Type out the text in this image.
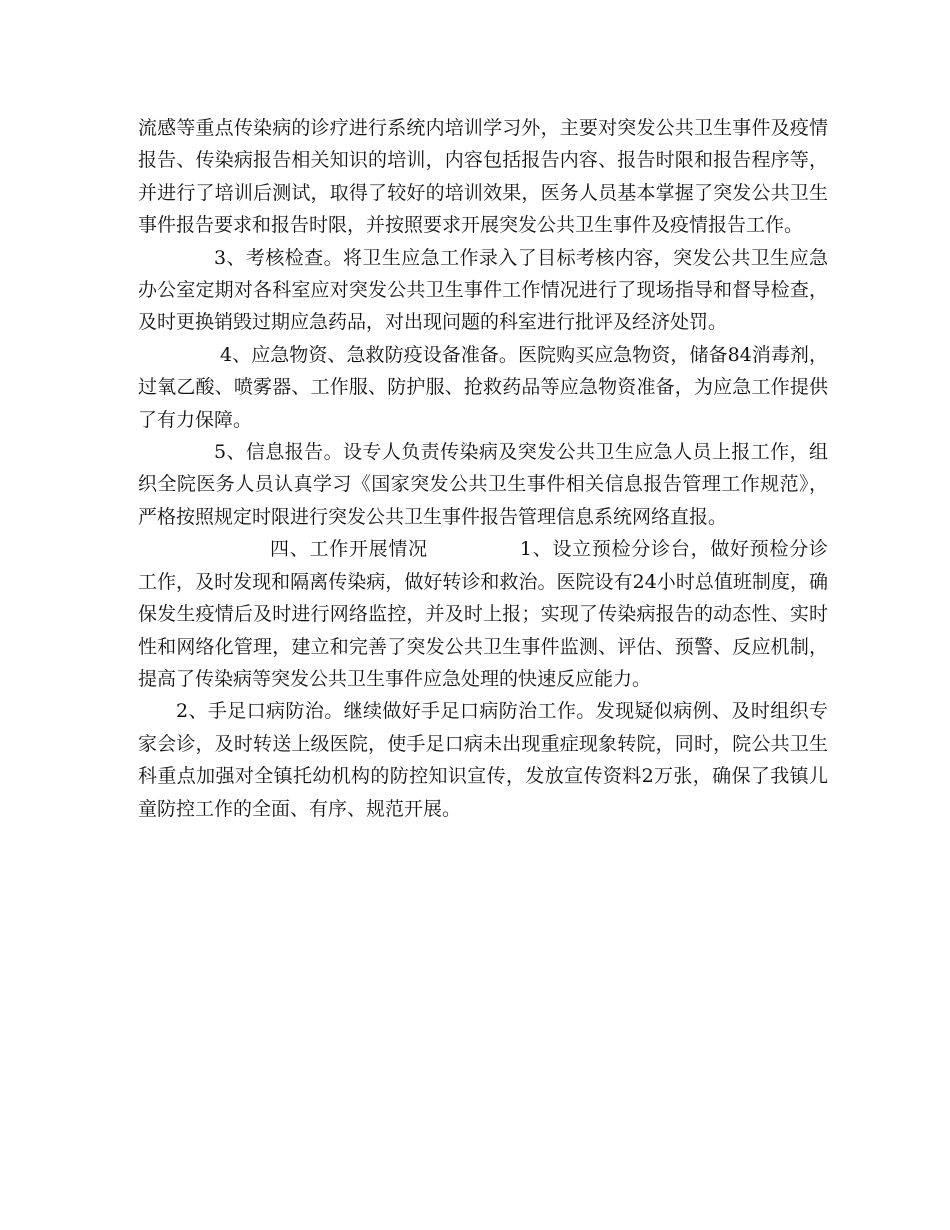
流感等重点传染病的诊疗进行系统内培训学习外，主要对突发公共卫生事件及疫情报告、传染病报告相关知识的培训，内容包括报告内容、报告时限和报告程序等，并进行了培训后测试，取得了较好的培训效果，医务人员基本掌握了突发公共卫生事件报告要求和报告时限，并按照要求开展突发公共卫生事件及疫情报告工作。

3、考核检查。将卫生应急工作录入了目标考核内容，突发公共卫生应急办公室定期对各科室应对突发公共卫生事件工作情况进行了现场指导和督导检查，及时更换销毁过期应急药品，对出现问题的科室进行批评及经济处罚。

4、应急物资、急救防疫设备准备。医院购买应急物资，储备84消毒剂，过氧乙酸、喷雾器、工作服、防护服、抢救药品等应急物资准备，为应急工作提供了有力保障。

5、信息报告。设专人负责传染病及突发公共卫生应急人员上报工作，组织全院医务人员认真学习《国家突发公共卫生事件相关信息报告管理工作规范》，严格按照规定时限进行突发公共卫生事件报告管理信息系统网络直报。

四、工作开展情况	1、设立预检分诊台，做好预检分诊工作，及时发现和隔离传染病，做好转诊和救治。医院设有24小时总值班制度，确保发生疫情后及时进行网络监控，并及时上报；实现了传染病报告的动态性、实时性和网络化管理，建立和完善了突发公共卫生事件监测、评估、预警、反应机制，提高了传染病等突发公共卫生事件应急处理的快速反应能力。

2、手足口病防治。继续做好手足口病防治工作。发现疑似病例、及时组织专家会诊，及时转送上级医院，使手足口病未出现重症现象转院，同时，院公共卫生科重点加强对全镇托幼机构的防控知识宣传，发放宣传资料2万张，确保了我镇儿童防控工作的全面、有序、规范开展。
